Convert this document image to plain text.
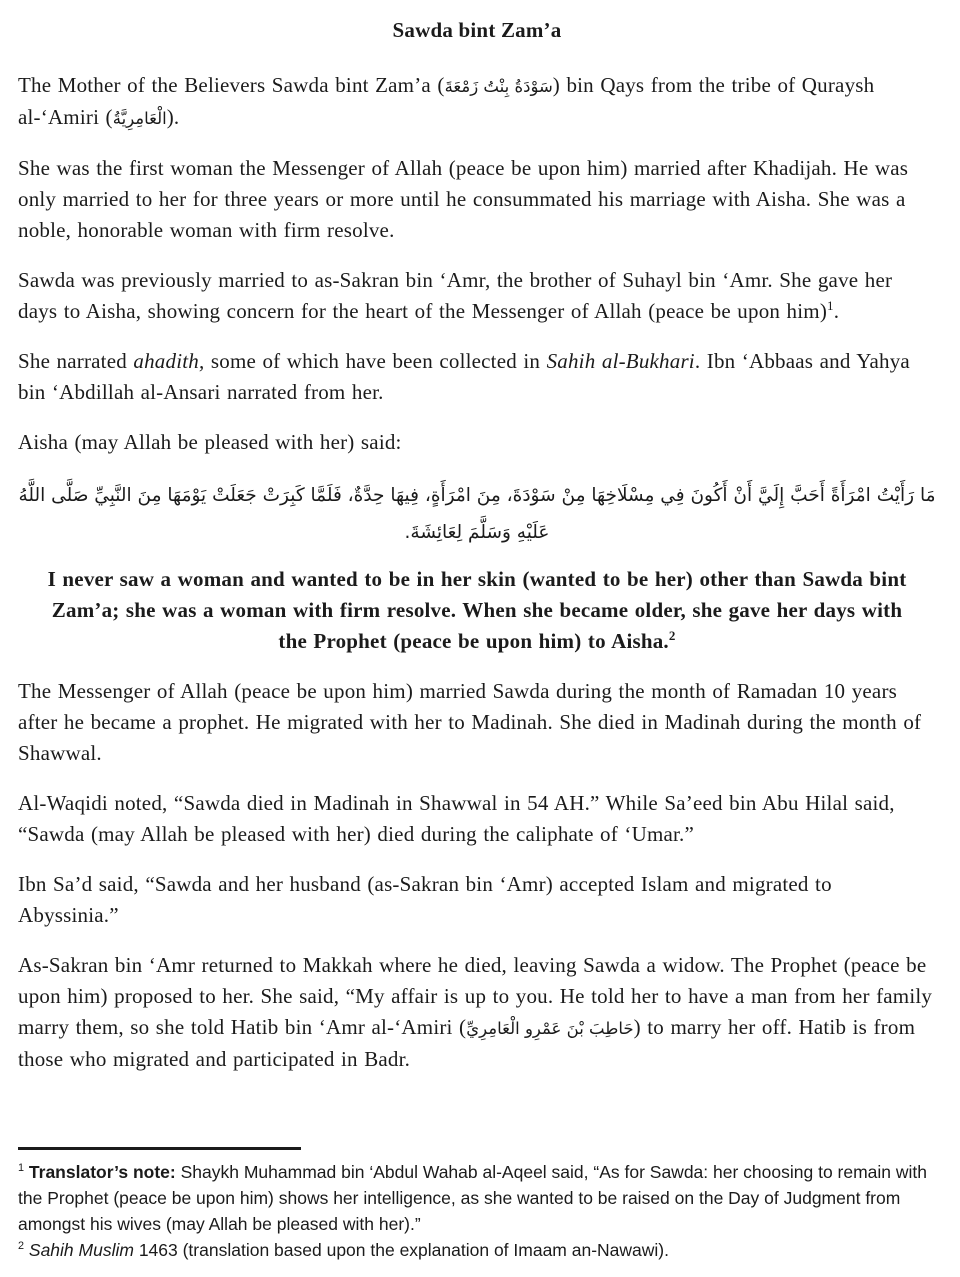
Sawda bint Zam’a

The Mother of the Believers Sawda bint Zam’a (سَوْدَةُ بِنْتُ زَمْعَةَ) bin Qays from the tribe of Quraysh al-‘Amiri (الْعَامِرِيَّةُ).

She was the first woman the Messenger of Allah (peace be upon him) married after Khadijah. He was only married to her for three years or more until he consummated his marriage with Aisha. She was a noble, honorable woman with firm resolve.

Sawda was previously married to as-Sakran bin ‘Amr, the brother of Suhayl bin ‘Amr. She gave her days to Aisha, showing concern for the heart of the Messenger of Allah (peace be upon him)$^1$.

She narrated ahadith, some of which have been collected in Sahih al-Bukhari. Ibn ‘Abbaas and Yahya bin ‘Abdillah al-Ansari narrated from her.

Aisha (may Allah be pleased with her) said:

مَا رَأَيْتُ امْرَأَةً أَحَبَّ إِلَيَّ أَنْ أَكُونَ فِي مِسْلَاخِهَا مِنْ سَوْدَةَ، مِنَ امْرَأَةٍ، فِيهَا حِدَّةٌ، فَلَمَّا كَبِرَتْ جَعَلَتْ يَوْمَهَا مِنَ النَّبِيِّ صَلَّى اللَّهُ عَلَيْهِ وَسَلَّمَ لِعَائِشَةَ.

I never saw a woman and wanted to be in her skin (wanted to be her) other than Sawda bint Zam’a; she was a woman with firm resolve. When she became older, she gave her days with the Prophet (peace be upon him) to Aisha.$^2$

The Messenger of Allah (peace be upon him) married Sawda during the month of Ramadan 10 years after he became a prophet. He migrated with her to Madinah. She died in Madinah during the month of Shawwal.

Al-Waqidi noted, “Sawda died in Madinah in Shawwal in 54 AH.” While Sa’eed bin Abu Hilal said, “Sawda (may Allah be pleased with her) died during the caliphate of ‘Umar.”

Ibn Sa’d said, “Sawda and her husband (as-Sakran bin ‘Amr) accepted Islam and migrated to Abyssinia.”

As-Sakran bin ‘Amr returned to Makkah where he died, leaving Sawda a widow. The Prophet (peace be upon him) proposed to her. She said, “My affair is up to you. He told her to have a man from her family marry them, so she told Hatib bin ‘Amr al-‘Amiri (حَاطِبَ بْنَ عَمْرِو الْعَامِرِيِّ) to marry her off. Hatib is from those who migrated and participated in Badr.

$^1$ Translator’s note: Shaykh Muhammad bin ‘Abdul Wahab al-Aqeel said, “As for Sawda: her choosing to remain with the Prophet (peace be upon him) shows her intelligence, as she wanted to be raised on the Day of Judgment from amongst his wives (may Allah be pleased with her).”

$^2$ Sahih Muslim 1463 (translation based upon the explanation of Imaam an-Nawawi).
